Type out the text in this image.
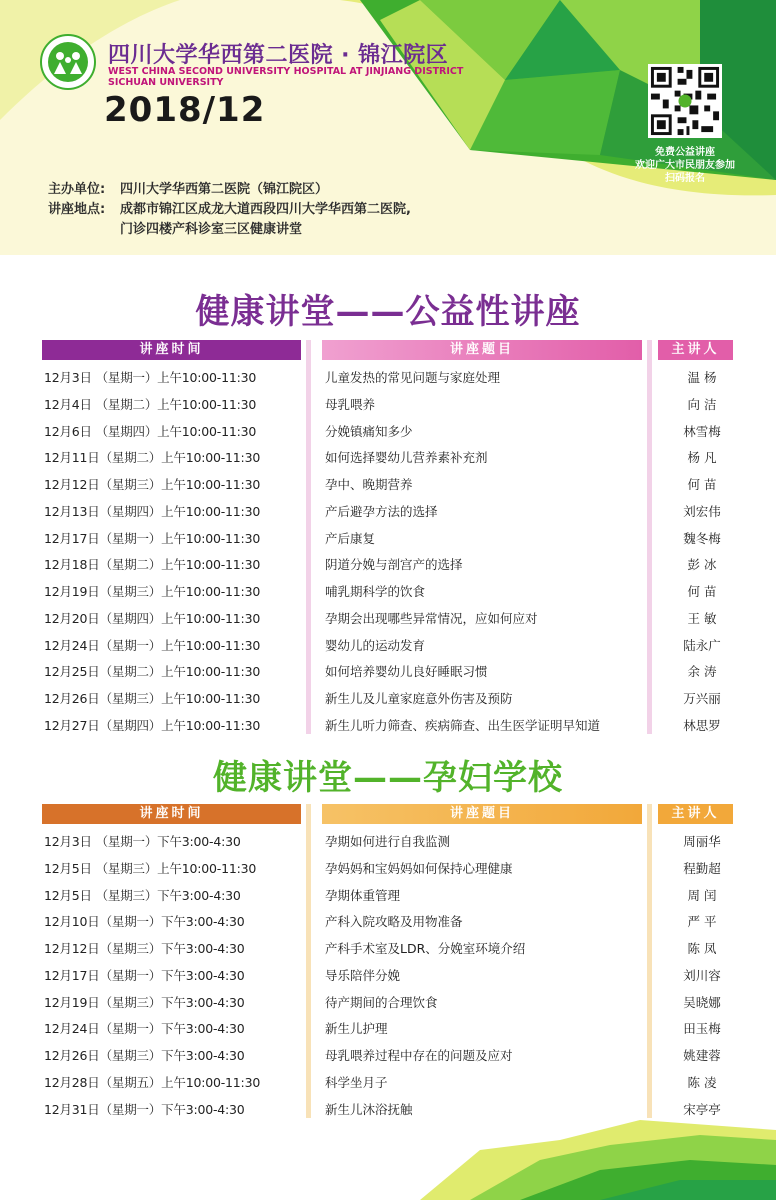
四川大学华西第二医院 · 锦江院区
WEST CHINA SECOND UNIVERSITY HOSPITAL AT JINJIANG DISTRICT
SICHUAN UNIVERSITY
2018/12
免费公益讲座
欢迎广大市民朋友参加
扫码报名
主办单位:	四川大学华西第二医院（锦江院区）
讲座地点:	成都市锦江区成龙大道西段四川大学华西第二医院,
门诊四楼产科诊室三区健康讲堂
健康讲堂——公益性讲座
讲座时间	讲座题目	主讲人
12月3日 （星期一）上午10:00-11:30	儿童发热的常见问题与家庭处理	温 杨
12月4日 （星期二）上午10:00-11:30	母乳喂养	向 洁
12月6日 （星期四）上午10:00-11:30	分娩镇痛知多少	林雪梅
12月11日（星期二）上午10:00-11:30	如何选择婴幼儿营养素补充剂	杨 凡
12月12日（星期三）上午10:00-11:30	孕中、晚期营养	何 苗
12月13日（星期四）上午10:00-11:30	产后避孕方法的选择	刘宏伟
12月17日（星期一）上午10:00-11:30	产后康复	魏冬梅
12月18日（星期二）上午10:00-11:30	阴道分娩与剖宫产的选择	彭 冰
12月19日（星期三）上午10:00-11:30	哺乳期科学的饮食	何 苗
12月20日（星期四）上午10:00-11:30	孕期会出现哪些异常情况，应如何应对	王 敏
12月24日（星期一）上午10:00-11:30	婴幼儿的运动发育	陆永广
12月25日（星期二）上午10:00-11:30	如何培养婴幼儿良好睡眠习惯	余 涛
12月26日（星期三）上午10:00-11:30	新生儿及儿童家庭意外伤害及预防	万兴丽
12月27日（星期四）上午10:00-11:30	新生儿听力筛查、疾病筛查、出生医学证明早知道	林思罗
健康讲堂——孕妇学校
讲座时间	讲座题目	主讲人
12月3日 （星期一）下午3:00-4:30	孕期如何进行自我监测	周丽华
12月5日 （星期三）上午10:00-11:30	孕妈妈和宝妈妈如何保持心理健康	程勤超
12月5日 （星期三）下午3:00-4:30	孕期体重管理	周 闰
12月10日（星期一）下午3:00-4:30	产科入院攻略及用物准备	严 平
12月12日（星期三）下午3:00-4:30	产科手术室及LDR、分娩室环境介绍	陈 凤
12月17日（星期一）下午3:00-4:30	导乐陪伴分娩	刘川容
12月19日（星期三）下午3:00-4:30	待产期间的合理饮食	吴晓娜
12月24日（星期一）下午3:00-4:30	新生儿护理	田玉梅
12月26日（星期三）下午3:00-4:30	母乳喂养过程中存在的问题及应对	姚建蓉
12月28日（星期五）上午10:00-11:30	科学坐月子	陈 凌
12月31日（星期一）下午3:00-4:30	新生儿沐浴抚触	宋亭亭
